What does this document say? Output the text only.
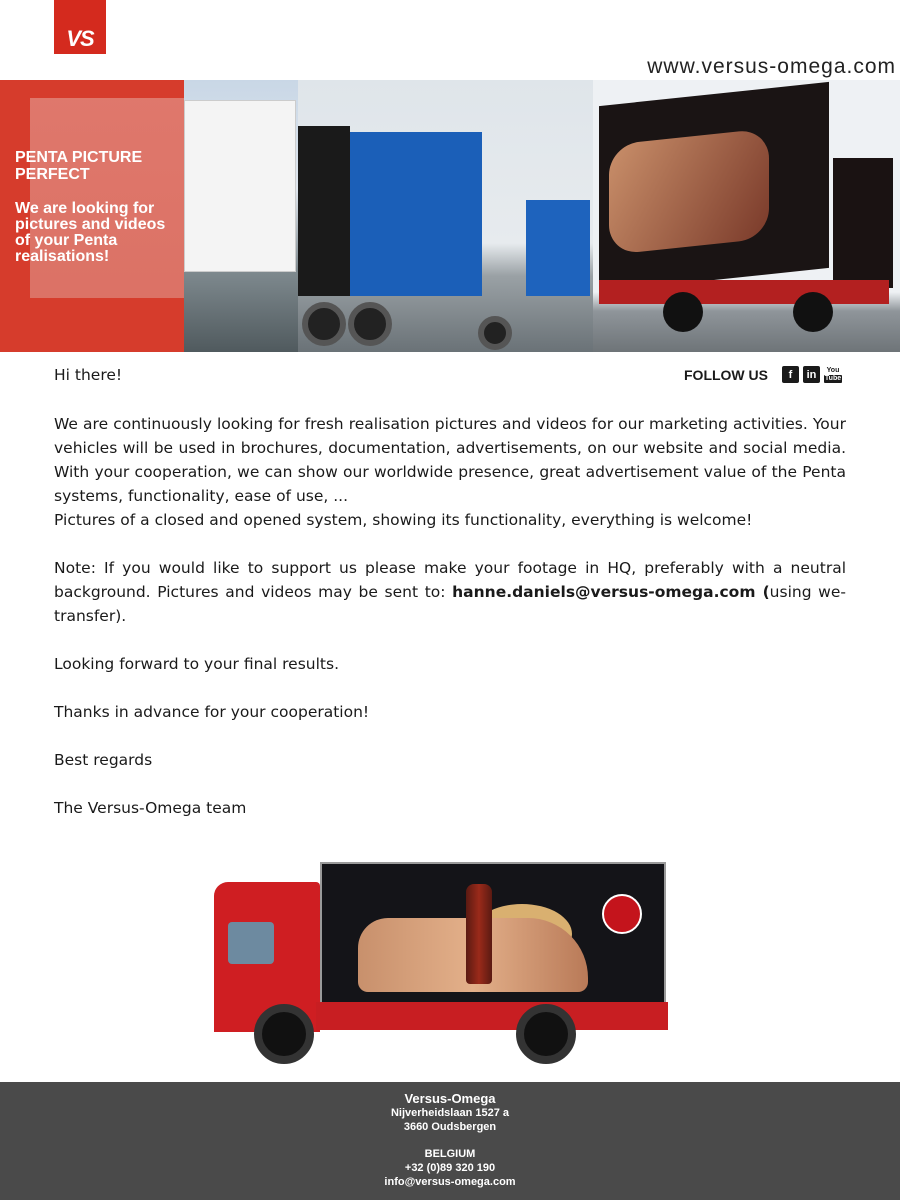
VS
www.versus-omega.com
PENTA PICTURE PERFECT
We are looking for pictures and videos of your Penta realisations!
Hi there!	FOLLOW US	f	in	You
Tube

We are continuously looking for fresh realisation pictures and videos for our marketing activities. Your vehicles will be used in brochures, documentation, advertisements, on our website and social media. With your cooperation, we can show our worldwide presence, great advertisement value of the Penta systems, functionality, ease of use, ...

Pictures of a closed and opened system, showing its functionality, everything is welcome!

Note: If you would like to support us please make your footage in HQ, preferably with a neutral background. Pictures and videos may be sent to: hanne.daniels@versus-omega.com (using we-transfer).

Looking forward to your final results.

Thanks in advance for your cooperation!

Best regards

The Versus-Omega team

Versus-Omega
Nijverheidslaan 1527 a
3660 Oudsbergen
BELGIUM
+32 (0)89 320 190
info@versus-omega.com
